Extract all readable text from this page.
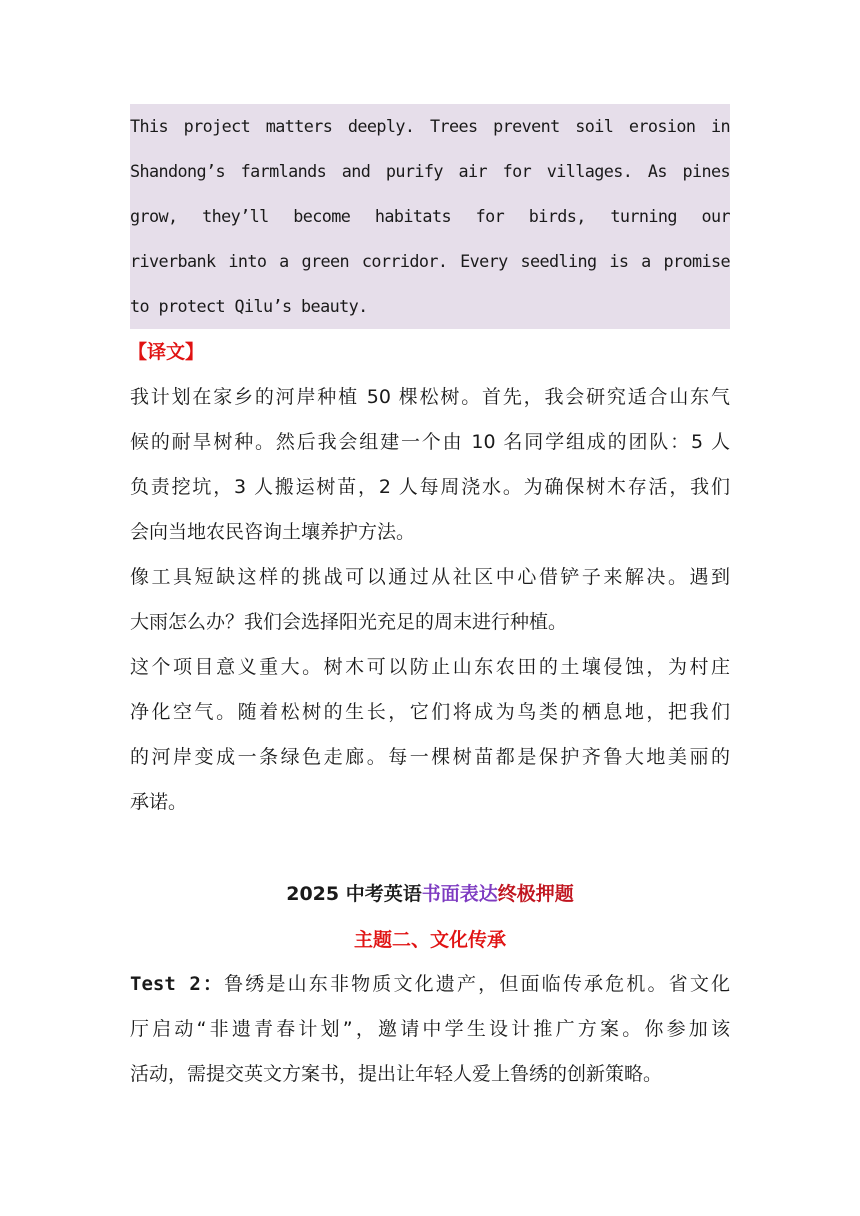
This project matters deeply. Trees prevent soil erosion in
Shandong’s farmlands and purify air for villages. As pines
grow, they’ll become habitats for birds, turning our
riverbank into a green corridor. Every seedling is a promise
to protect Qilu’s beauty.
【译文】
我计划在家乡的河岸种植 50 棵松树。首先，我会研究适合山东气
候的耐旱树种。然后我会组建一个由 10 名同学组成的团队：5 人
负责挖坑，3 人搬运树苗，2 人每周浇水。为确保树木存活，我们
会向当地农民咨询土壤养护方法。
像工具短缺这样的挑战可以通过从社区中心借铲子来解决。遇到
大雨怎么办？我们会选择阳光充足的周末进行种植。
这个项目意义重大。树木可以防止山东农田的土壤侵蚀，为村庄
净化空气。随着松树的生长，它们将成为鸟类的栖息地，把我们
的河岸变成一条绿色走廊。每一棵树苗都是保护齐鲁大地美丽的
承诺。
2025 中考英语书面表达终极押题
主题二、文化传承
Test 2：鲁绣是山东非物质文化遗产，但面临传承危机。省文化
厅启动“非遗青春计划”，邀请中学生设计推广方案。你参加该
活动，需提交英文方案书，提出让年轻人爱上鲁绣的创新策略。
